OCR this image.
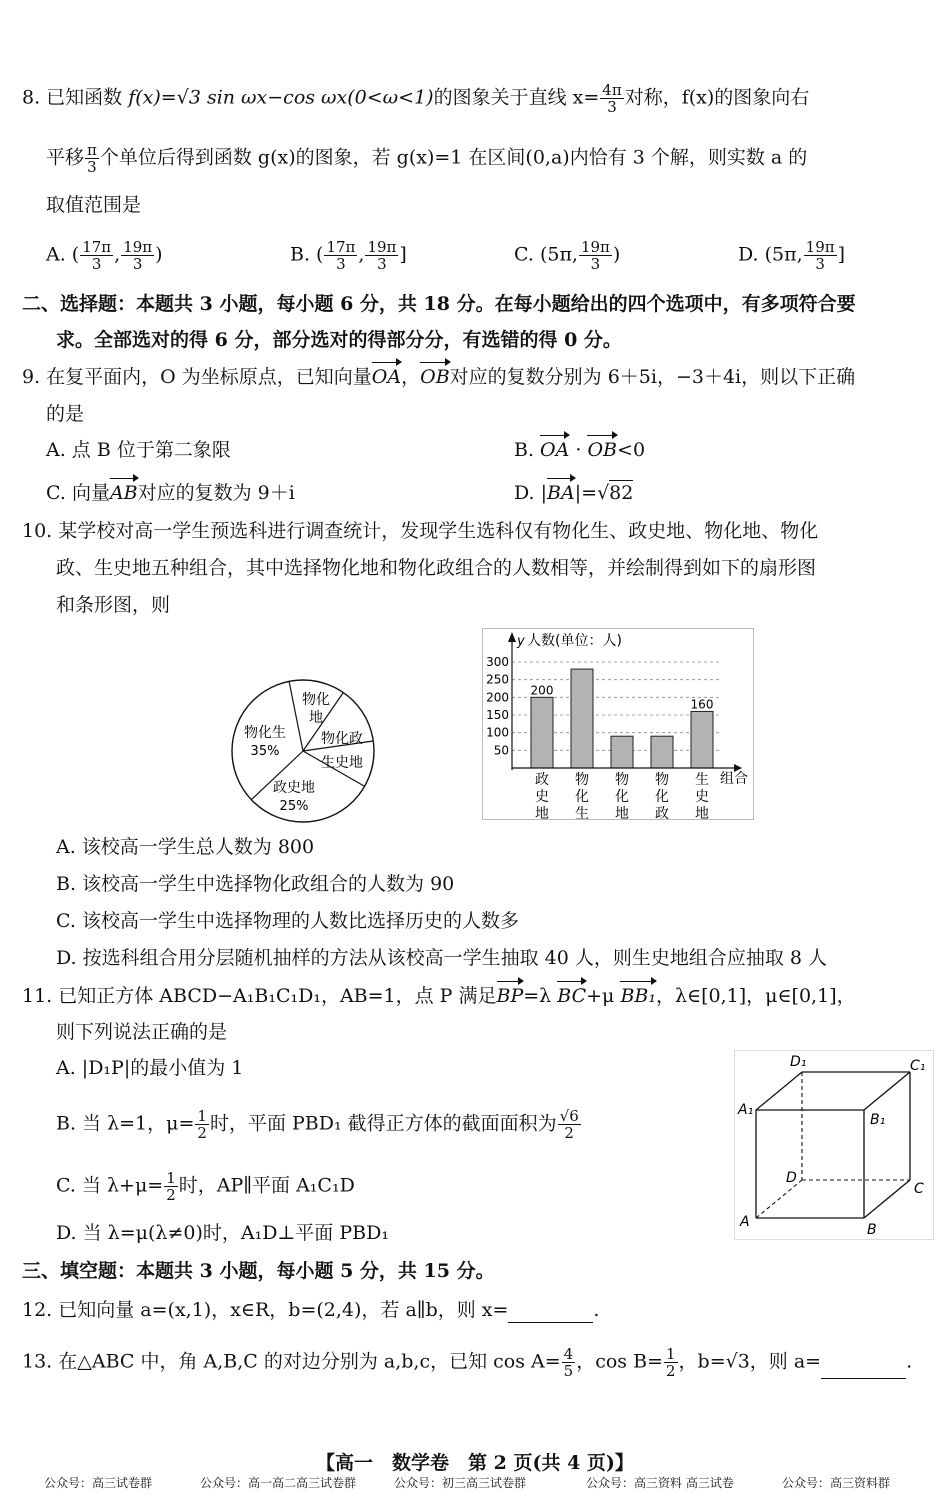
8. 已知函数 f(x)=√3 sin ωx−cos ωx(0<ω<1)的图象关于直线 $x= \frac{4\pi}{3}$ 对称，f(x)的图象向右
平移 $\frac{\pi}{3}$ 个单位后得到函数 g(x)的图象，若 g(x)=1 在区间(0,a)内恰有 3 个解，则实数 a 的
取值范围是
A. ( $\frac{17\pi}{3}$ , $\frac{19\pi}{3}$ )	B. ( $\frac{17\pi}{3}$ , $\frac{19\pi}{3}$ ]	C. (5π, $\frac{19\pi}{3}$ )	D. (5π, $\frac{19\pi}{3}$ ]
二、选择题：本题共 3 小题，每小题 6 分，共 18 分。在每小题给出的四个选项中，有多项符合要
求。全部选对的得 6 分，部分选对的得部分分，有选错的得 0 分。
9. 在复平面内，O 为坐标原点，已知向量OA，OB对应的复数分别为 6＋5i，−3＋4i，则以下正确
的是
A. 点 B 位于第二象限	B. OA · OB<0
C. 向量AB对应的复数为 9＋i	D. |BA|=√82
10. 某学校对高一学生预选科进行调查统计，发现学生选科仅有物化生、政史地、物化地、物化
政、生史地五种组合，其中选择物化地和物化政组合的人数相等，并绘制得到如下的扇形图
和条形图，则
物化
地
物化政
生史地
物化生
35%
政史地
25%
200
160
50
100
150
200
250
300
政史地
物化生
物化地
物化政
生史地
y 人数(单位：人)
组合
A. 该校高一学生总人数为 800
B. 该校高一学生中选择物化政组合的人数为 90
C. 该校高一学生中选择物理的人数比选择历史的人数多
D. 按选科组合用分层随机抽样的方法从该校高一学生抽取 40 人，则生史地组合应抽取 8 人
11. 已知正方体 ABCD−A₁B₁C₁D₁，AB=1，点 P 满足BP=λ BC+μ BB₁，λ∈[0,1]，μ∈[0,1]，
则下列说法正确的是
A. |D₁P|的最小值为 1
B. 当 λ=1，$\mu= \frac{1}{2}$ 时，平面 PBD₁ 截得正方体的截面面积为 $\frac{√6}{2}$
C. 当 $\lambda+\mu= \frac{1}{2}$ 时，AP∥平面 A₁C₁D
D. 当 λ=μ(λ≠0)时，A₁D⊥平面 PBD₁
D₁	C₁
A₁
B₁
D
C
A	B
三、填空题：本题共 3 小题，每小题 5 分，共 15 分。
12. 已知向量 a=(x,1)，x∈R，b=(2,4)，若 a∥b，则 x=	.
13. 在△ABC 中，角 A,B,C 的对边分别为 a,b,c，已知 $\cos A= \frac{4}{5}$ ，$\cos B= \frac{1}{2}$ ，b=√3，则 a=	.
【高一　数学卷　第 2 页(共 4 页)】
公众号：高三试卷群	公众号：高一高二高三试卷群	公众号：初三高三试卷群	公众号：高三资料 高三试卷	公众号：高三资料群
